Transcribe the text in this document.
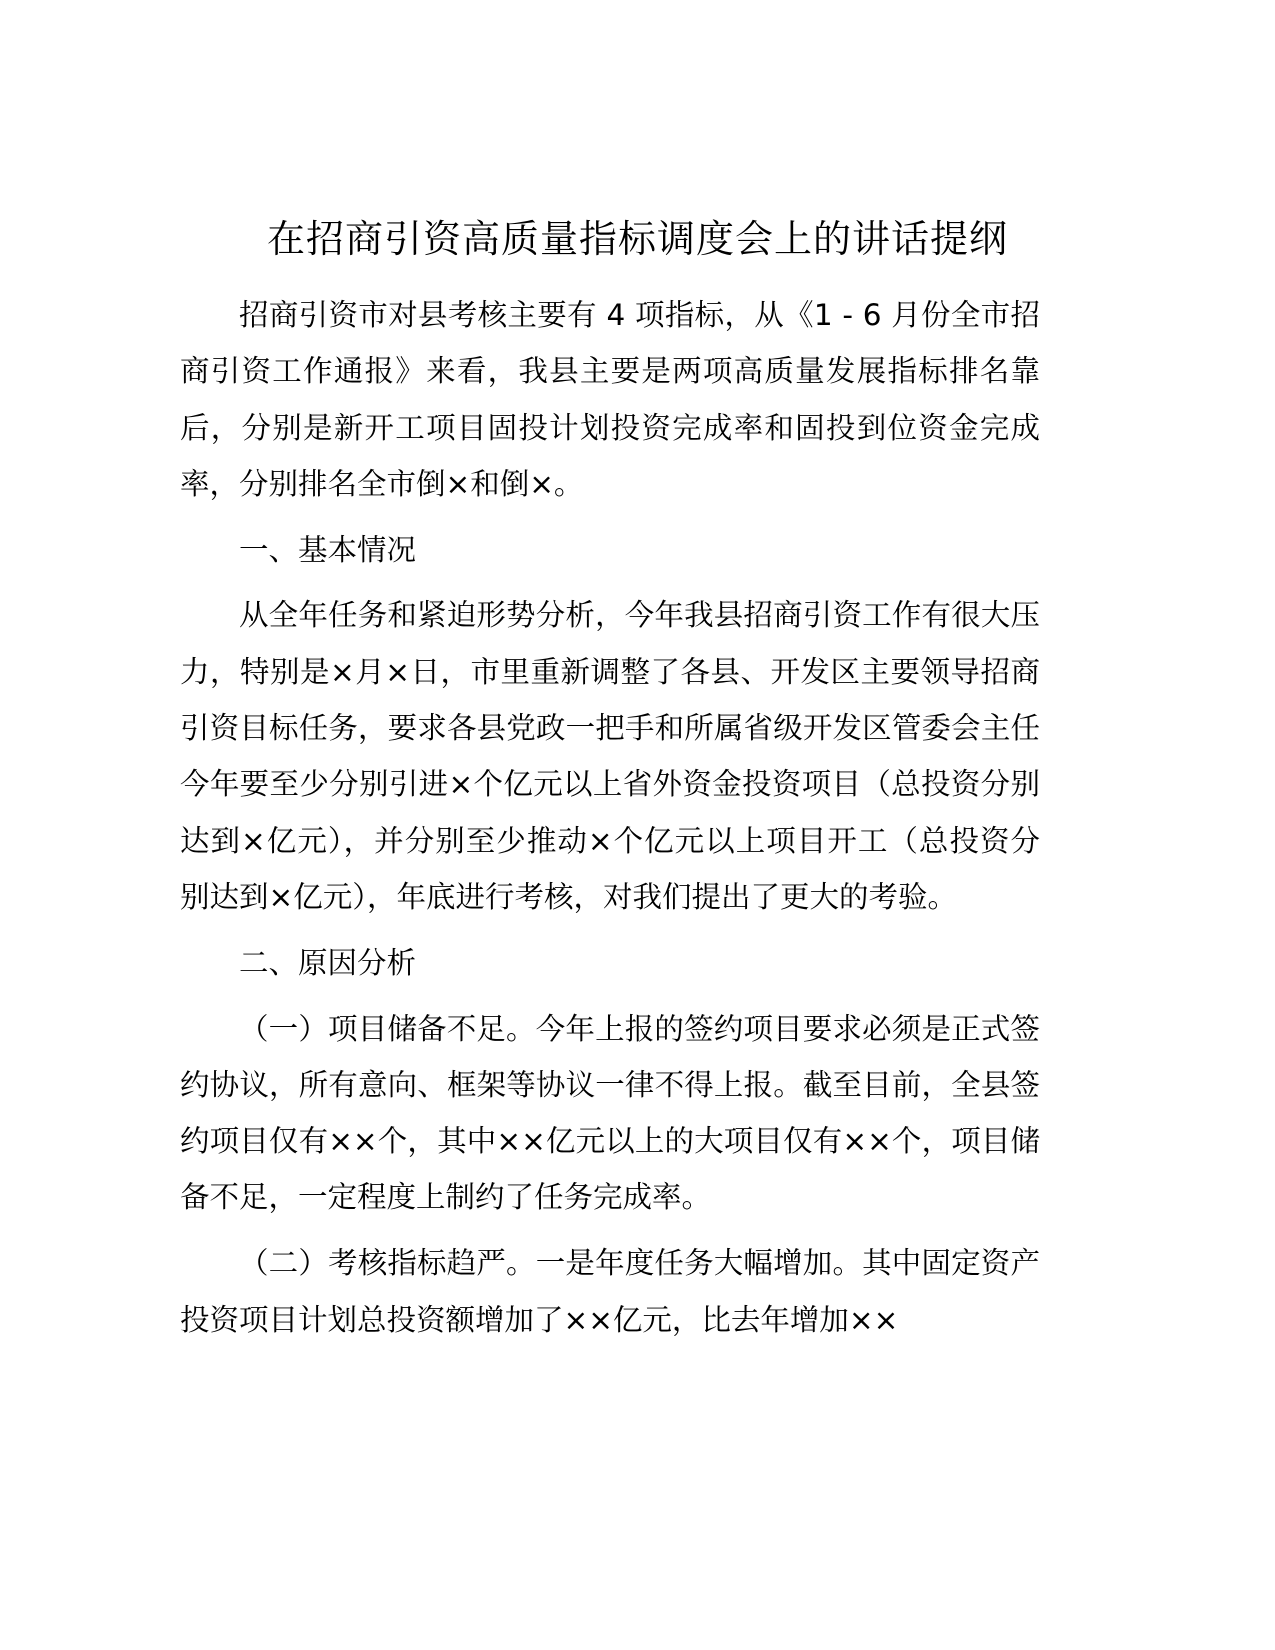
在招商引资高质量指标调度会上的讲话提纲

招商引资市对县考核主要有 4 项指标，从《1 - 6 月份全市招商引资工作通报》来看，我县主要是两项高质量发展指标排名靠后，分别是新开工项目固投计划投资完成率和固投到位资金完成率，分别排名全市倒×和倒×。

一、基本情况

从全年任务和紧迫形势分析，今年我县招商引资工作有很大压力，特别是×月×日，市里重新调整了各县、开发区主要领导招商引资目标任务，要求各县党政一把手和所属省级开发区管委会主任今年要至少分别引进×个亿元以上省外资金投资项目（总投资分别达到×亿元），并分别至少推动×个亿元以上项目开工（总投资分别达到×亿元），年底进行考核，对我们提出了更大的考验。

二、原因分析

（一）项目储备不足。今年上报的签约项目要求必须是正式签约协议，所有意向、框架等协议一律不得上报。截至目前，全县签约项目仅有××个，其中××亿元以上的大项目仅有××个，项目储备不足，一定程度上制约了任务完成率。

（二）考核指标趋严。一是年度任务大幅增加。其中固定资产投资项目计划总投资额增加了××亿元，比去年增加××
